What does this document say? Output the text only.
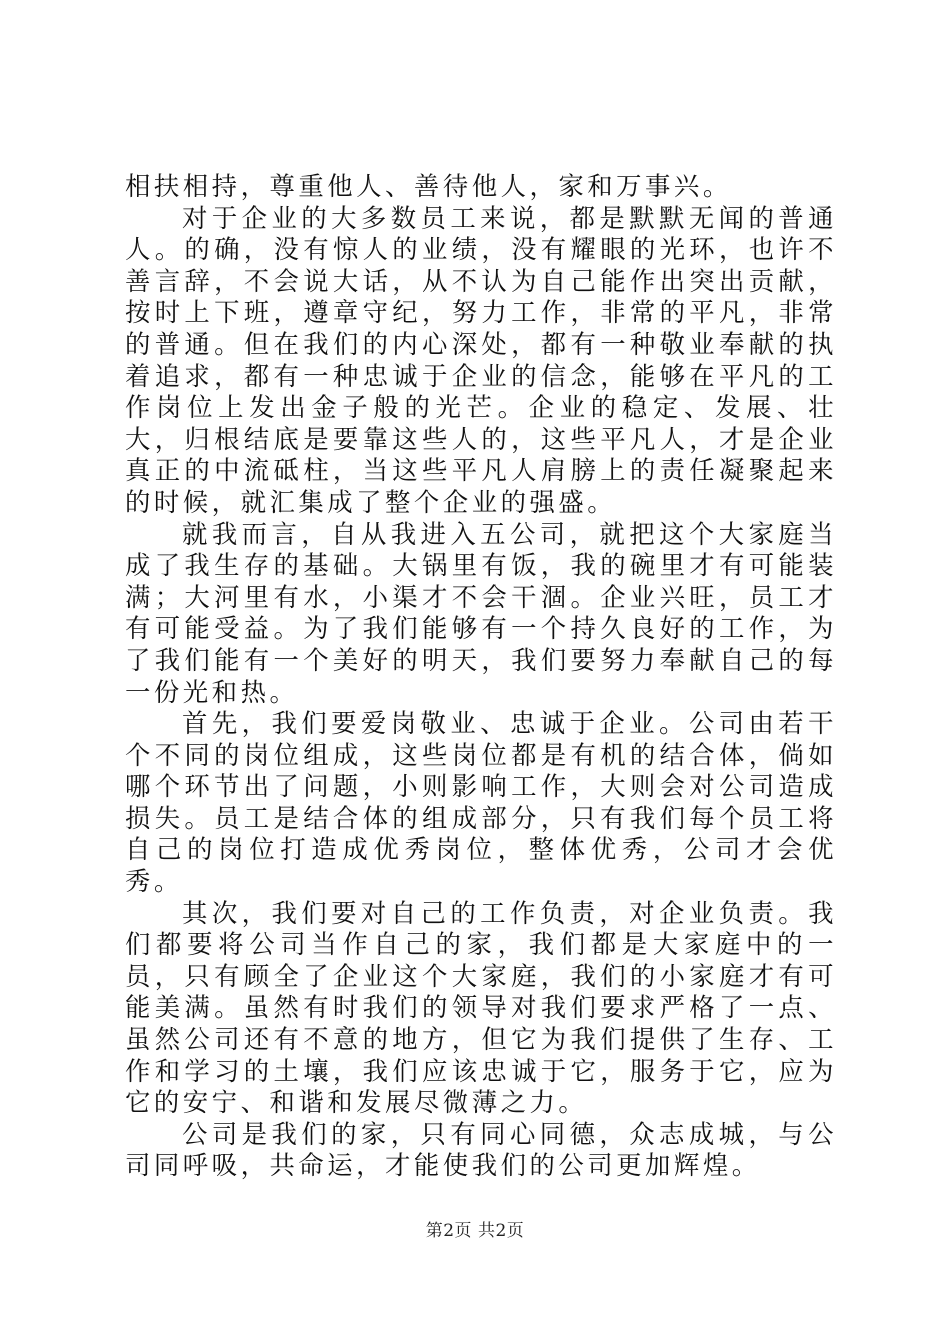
相扶相持，尊重他人、善待他人，家和万事兴。

对于企业的大多数员工来说，都是默默无闻的普通人。的确，没有惊人的业绩，没有耀眼的光环，也许不善言辞，不会说大话，从不认为自己能作出突出贡献，按时上下班，遵章守纪，努力工作，非常的平凡，非常的普通。但在我们的内心深处，都有一种敬业奉献的执着追求，都有一种忠诚于企业的信念，能够在平凡的工作岗位上发出金子般的光芒。企业的稳定、发展、壮大，归根结底是要靠这些人的，这些平凡人，才是企业真正的中流砥柱，当这些平凡人肩膀上的责任凝聚起来的时候，就汇集成了整个企业的强盛。

就我而言，自从我进入五公司，就把这个大家庭当成了我生存的基础。大锅里有饭，我的碗里才有可能装满；大河里有水，小渠才不会干涸。企业兴旺，员工才有可能受益。为了我们能够有一个持久良好的工作，为了我们能有一个美好的明天，我们要努力奉献自己的每一份光和热。

首先，我们要爱岗敬业、忠诚于企业。公司由若干个不同的岗位组成，这些岗位都是有机的结合体，倘如哪个环节出了问题，小则影响工作，大则会对公司造成损失。员工是结合体的组成部分，只有我们每个员工将自己的岗位打造成优秀岗位，整体优秀，公司才会优秀。

其次，我们要对自己的工作负责，对企业负责。我们都要将公司当作自己的家，我们都是大家庭中的一员，只有顾全了企业这个大家庭，我们的小家庭才有可能美满。虽然有时我们的领导对我们要求严格了一点、虽然公司还有不意的地方，但它为我们提供了生存、工作和学习的土壤，我们应该忠诚于它，服务于它，应为它的安宁、和谐和发展尽微薄之力。

公司是我们的家，只有同心同德，众志成城，与公司同呼吸，共命运，才能使我们的公司更加辉煌。

第2页 共2页
